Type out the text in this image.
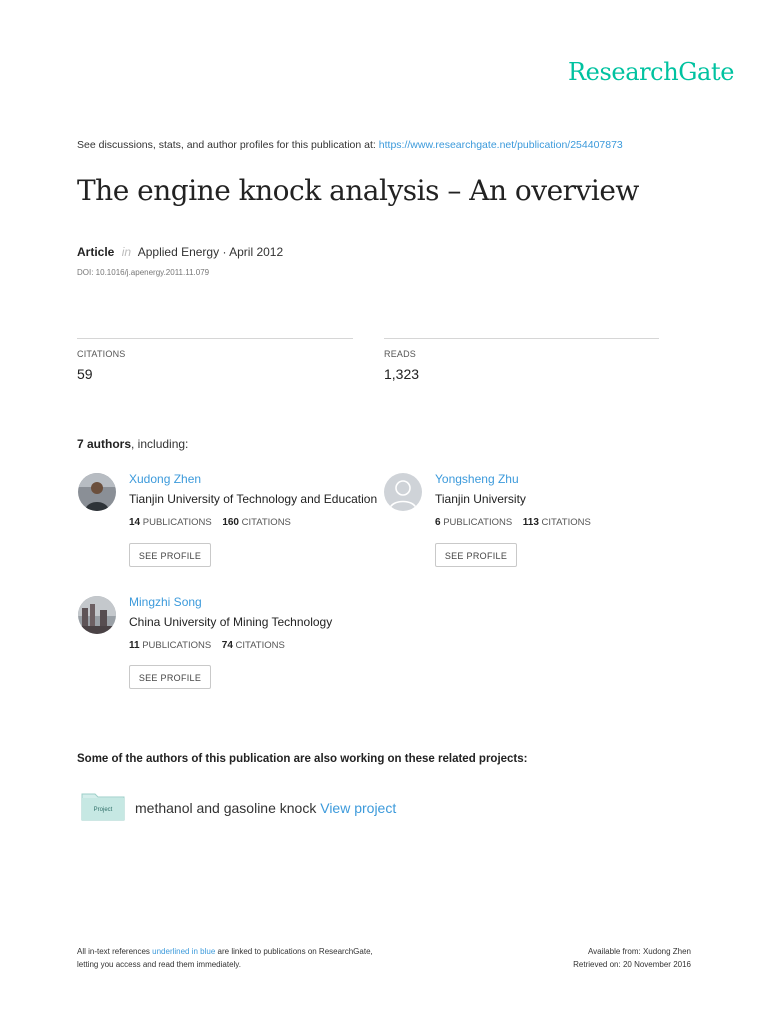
ResearchGate
See discussions, stats, and author profiles for this publication at: https://www.researchgate.net/publication/254407873
The engine knock analysis – An overview
Article in Applied Energy · April 2012
DOI: 10.1016/j.apenergy.2011.11.079
CITATIONS
59
READS
1,323
7 authors, including:
Xudong Zhen
Tianjin University of Technology and Education
14 PUBLICATIONS 160 CITATIONS
SEE PROFILE
Yongsheng Zhu
Tianjin University
6 PUBLICATIONS 113 CITATIONS
SEE PROFILE
Mingzhi Song
China University of Mining Technology
11 PUBLICATIONS 74 CITATIONS
SEE PROFILE
Some of the authors of this publication are also working on these related projects:
Project methanol and gasoline knock View project
All in-text references underlined in blue are linked to publications on ResearchGate,
letting you access and read them immediately.
Available from: Xudong Zhen
Retrieved on: 20 November 2016
